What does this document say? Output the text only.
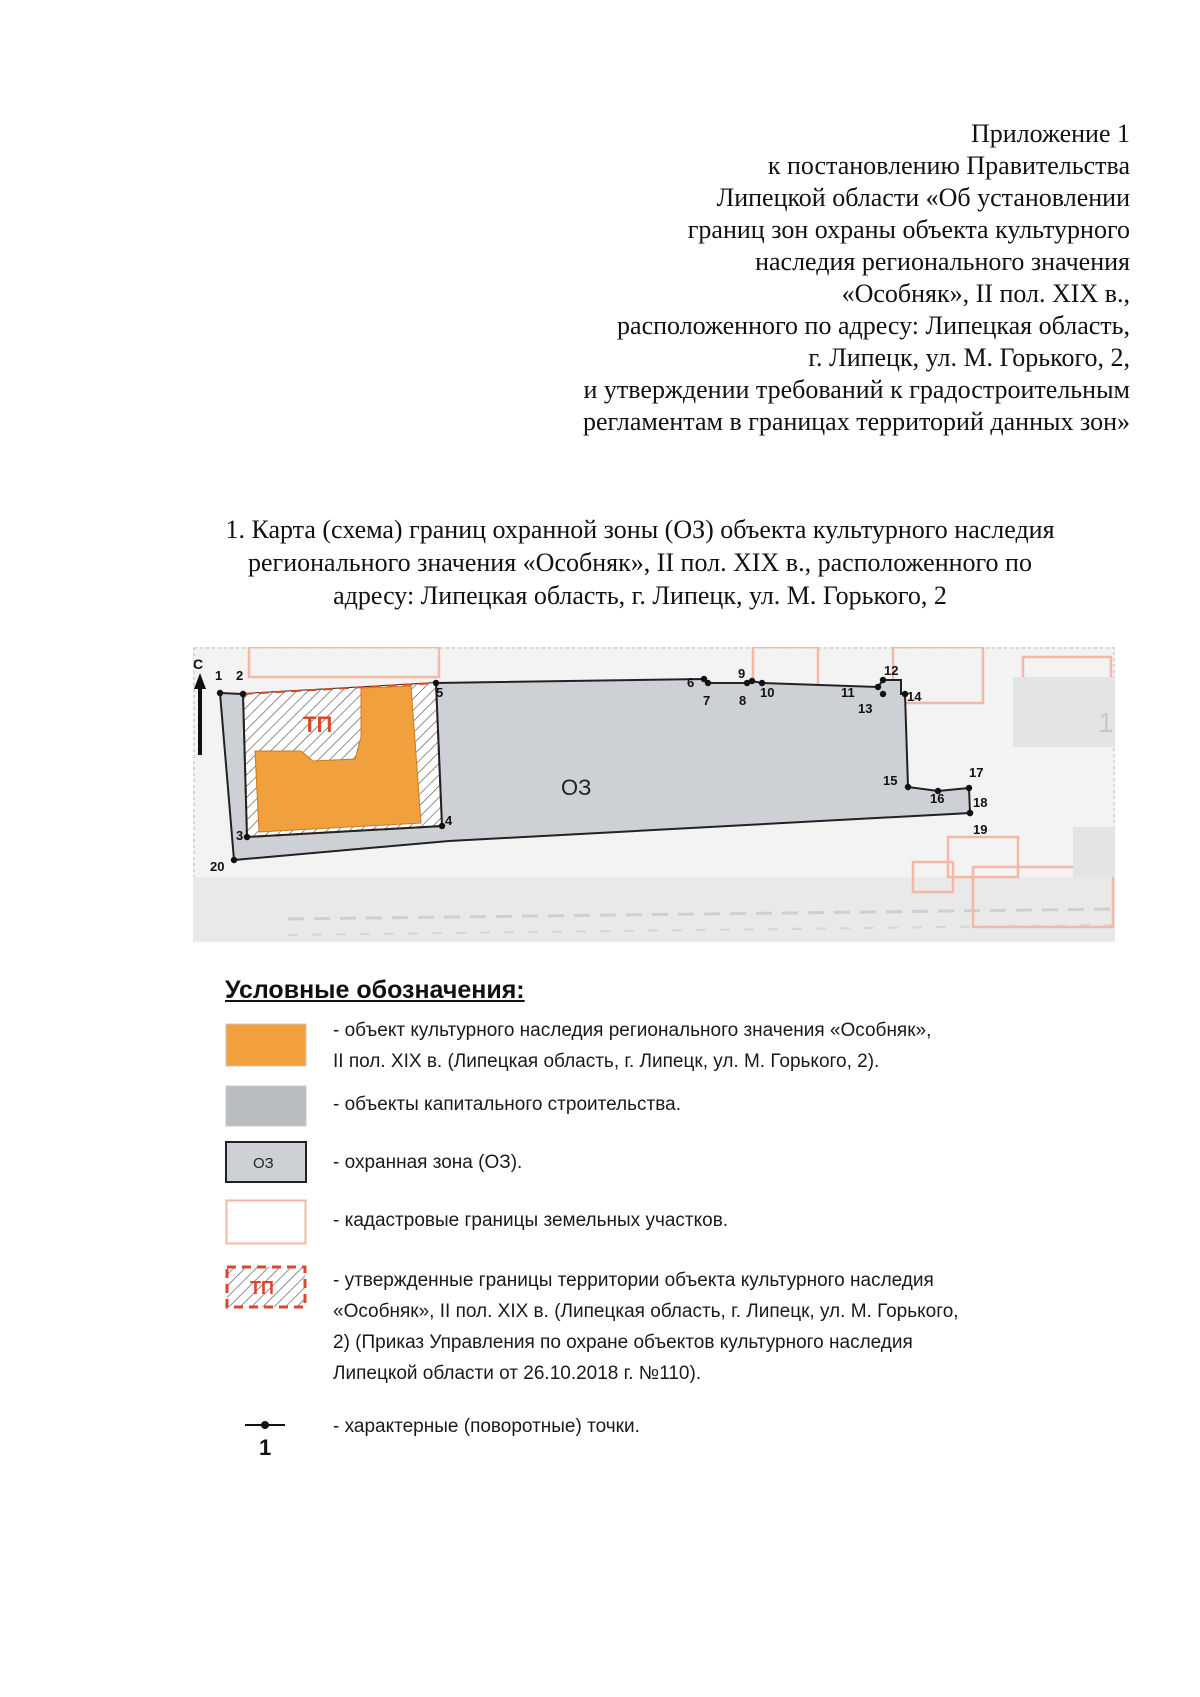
Приложение 1
к постановлению Правительства
Липецкой области «Об установлении
границ зон охраны объекта культурного
наследия регионального значения
«Особняк», II пол. XIX в.,
расположенного по адресу: Липецкая область,
г. Липецк, ул. М. Горького, 2,
и утверждении требований к градостроительным
регламентам в границах территорий данных зон»
1. Карта (схема) границ охранной зоны (ОЗ) объекта культурного наследия
регионального значения «Особняк», II пол. XIX в., расположенного по
адресу: Липецкая область, г. Липецк, ул. М. Горького, 2
1
ТП
ОЗ
С
1 2
3
4
5
6
7 8
9
10	11
12
13
14
15
16
17
18
19
20
Условные обозначения:
- объект культурного наследия регионального значения «Особняк»,
II пол. XIX в. (Липецкая область, г. Липецк, ул. М. Горького, 2).
- объекты капитального строительства.
ОЗ	- охранная зона (ОЗ).
- кадастровые границы земельных участков.
ТП	- утвержденные границы территории объекта культурного наследия
«Особняк», II пол. XIX в. (Липецкая область, г. Липецк, ул. М. Горького,
2) (Приказ Управления по охране объектов культурного наследия
Липецкой области от 26.10.2018 г. №110).
1
- характерные (поворотные) точки.
